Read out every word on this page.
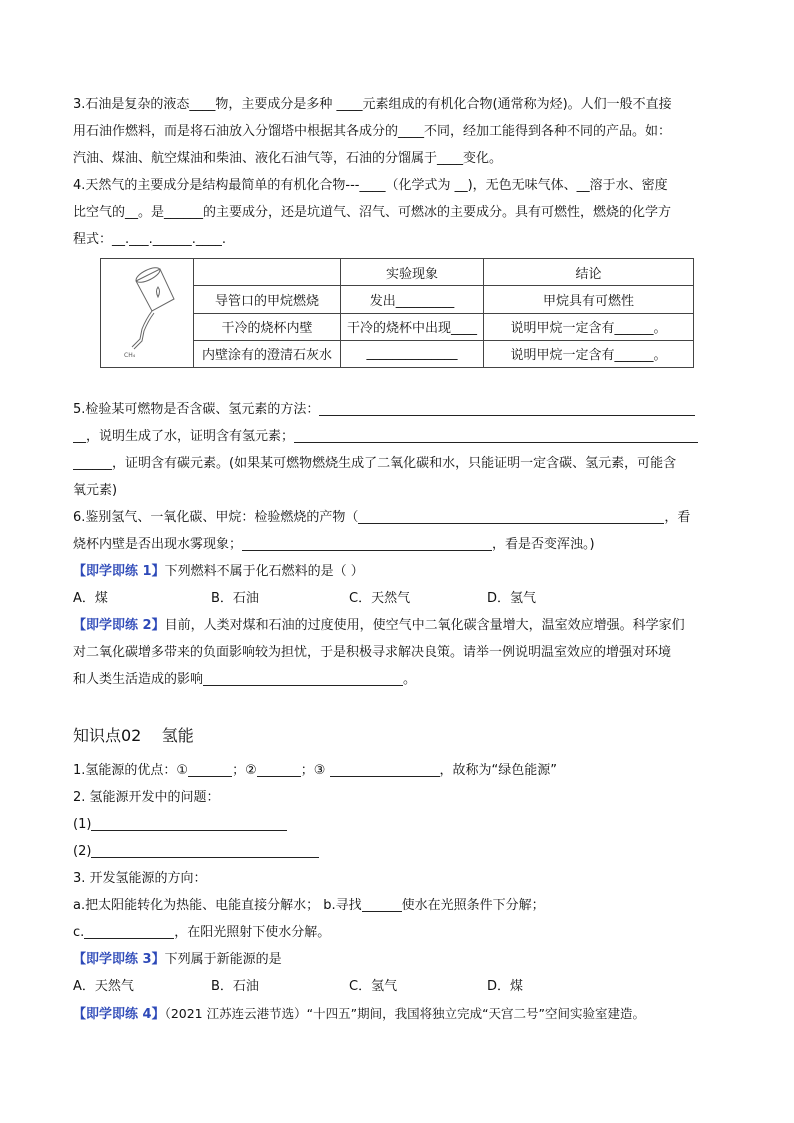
3.石油是复杂的液态____物，主要成分是多种 ____元素组成的有机化合物(通常称为烃)。人们一般不直接
用石油作燃料，而是将石油放入分馏塔中根据其各成分的____不同，经加工能得到各种不同的产品。如：
汽油、煤油、航空煤油和柴油、液化石油气等，石油的分馏属于____变化。
4.天然气的主要成分是结构最简单的有机化合物---____（化学式为 __)，无色无味气体、__溶于水、密度
比空气的__。是______的主要成分，还是坑道气、沼气、可燃冰的主要成分。具有可燃性，燃烧的化学方
程式：__.___.______.____.
CH₄		实验现象	结论
	导管口的甲烷燃烧	发出_________	甲烷具有可燃性
	干冷的烧杯内壁	干冷的烧杯中出现____	说明甲烷一定含有______。
	内壁涂有的澄清石灰水	______________	说明甲烷一定含有______。
5.检验某可燃物是否含碳、氢元素的方法：
__，说明生成了水，证明含有氢元素；
______，证明含有碳元素。(如果某可燃物燃烧生成了二氧化碳和水，只能证明一定含碳、氢元素，可能含
氧元素)
6.鉴别氢气、一氧化碳、甲烷：检验燃烧的产物（	，看
烧杯内壁是否出现水雾现象；	，看是否变浑浊。)
【即学即练 1】下列燃料不属于化石燃料的是（ ）
A．煤	B．石油	C．天然气	D．氢气
【即学即练 2】目前，人类对煤和石油的过度使用，使空气中二氧化碳含量增大，温室效应增强。科学家们
对二氧化碳增多带来的负面影响较为担忧，于是积极寻求解决良策。请举一例说明温室效应的增强对环境
和人类生活造成的影响	。
知识点02    氢能
1.氢能源的优点：①	；②	；③	，故称为“绿色能源”
2. 氢能源开发中的问题：
(1)
(2)
3. 开发氢能源的方向：
a.把太阳能转化为热能、电能直接分解水； b.寻找	使水在光照条件下分解；
c.	，在阳光照射下使水分解。
【即学即练 3】下列属于新能源的是
A．天然气	B．石油	C．氢气	D．煤
【即学即练 4】（2021 江苏连云港节选）“十四五”期间，我国将独立完成“天宫二号”空间实验室建造。
